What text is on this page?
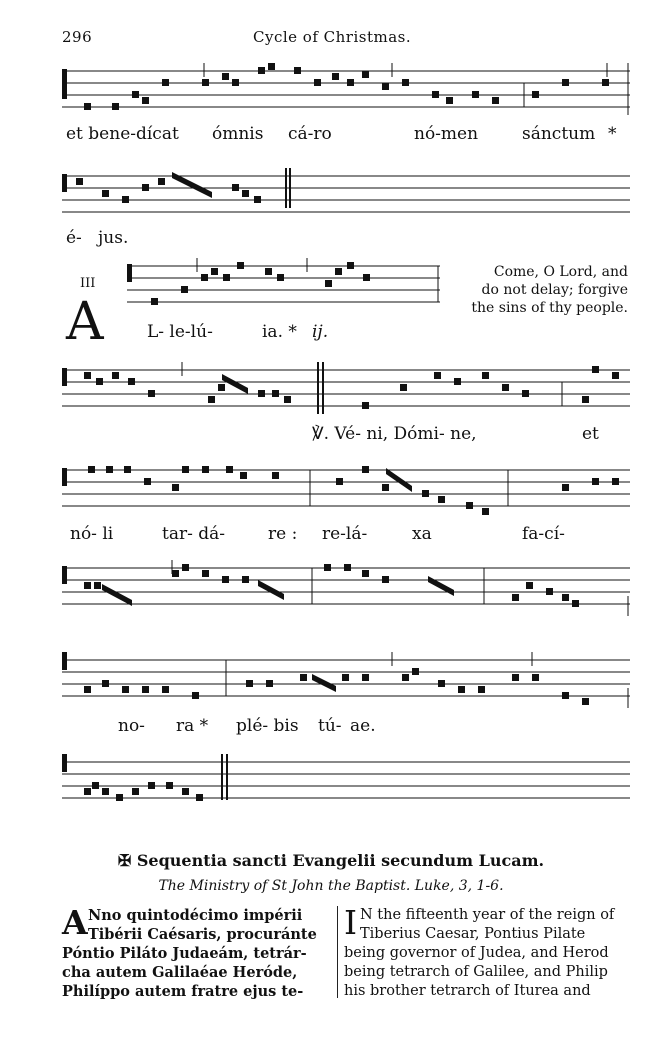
296	Cycle of Christmas.
et bene-dícat ómnis cá-ro	nó-men	sánctum *
é- jus.
III
A
Come, O Lord, and
do not delay; forgive
the sins of thy people.
L- le-lú-	ia. * ij.
℣. Vé- ni, Dómi- ne,	et
nó- li	tar- dá-	re : re-lá-	xa	fa-cí-
no- ra * plé- bis tú- ae.
✠ Sequentia sancti Evangelii secundum Lucam.
The Ministry of St John the Baptist. Luke, 3, 1-6.
A Nno quintodécimo impérii
Tibérii Caésaris, procuránte
Póntio Piláto Judaeám, tetrár-
cha autem Galilaéae Heróde,
Philíppo autem fratre ejus te-
I N the fifteenth year of the reign of
Tiberius Caesar, Pontius Pilate
being governor of Judea, and Herod
being tetrarch of Galilee, and Philip
his brother tetrarch of Iturea and
